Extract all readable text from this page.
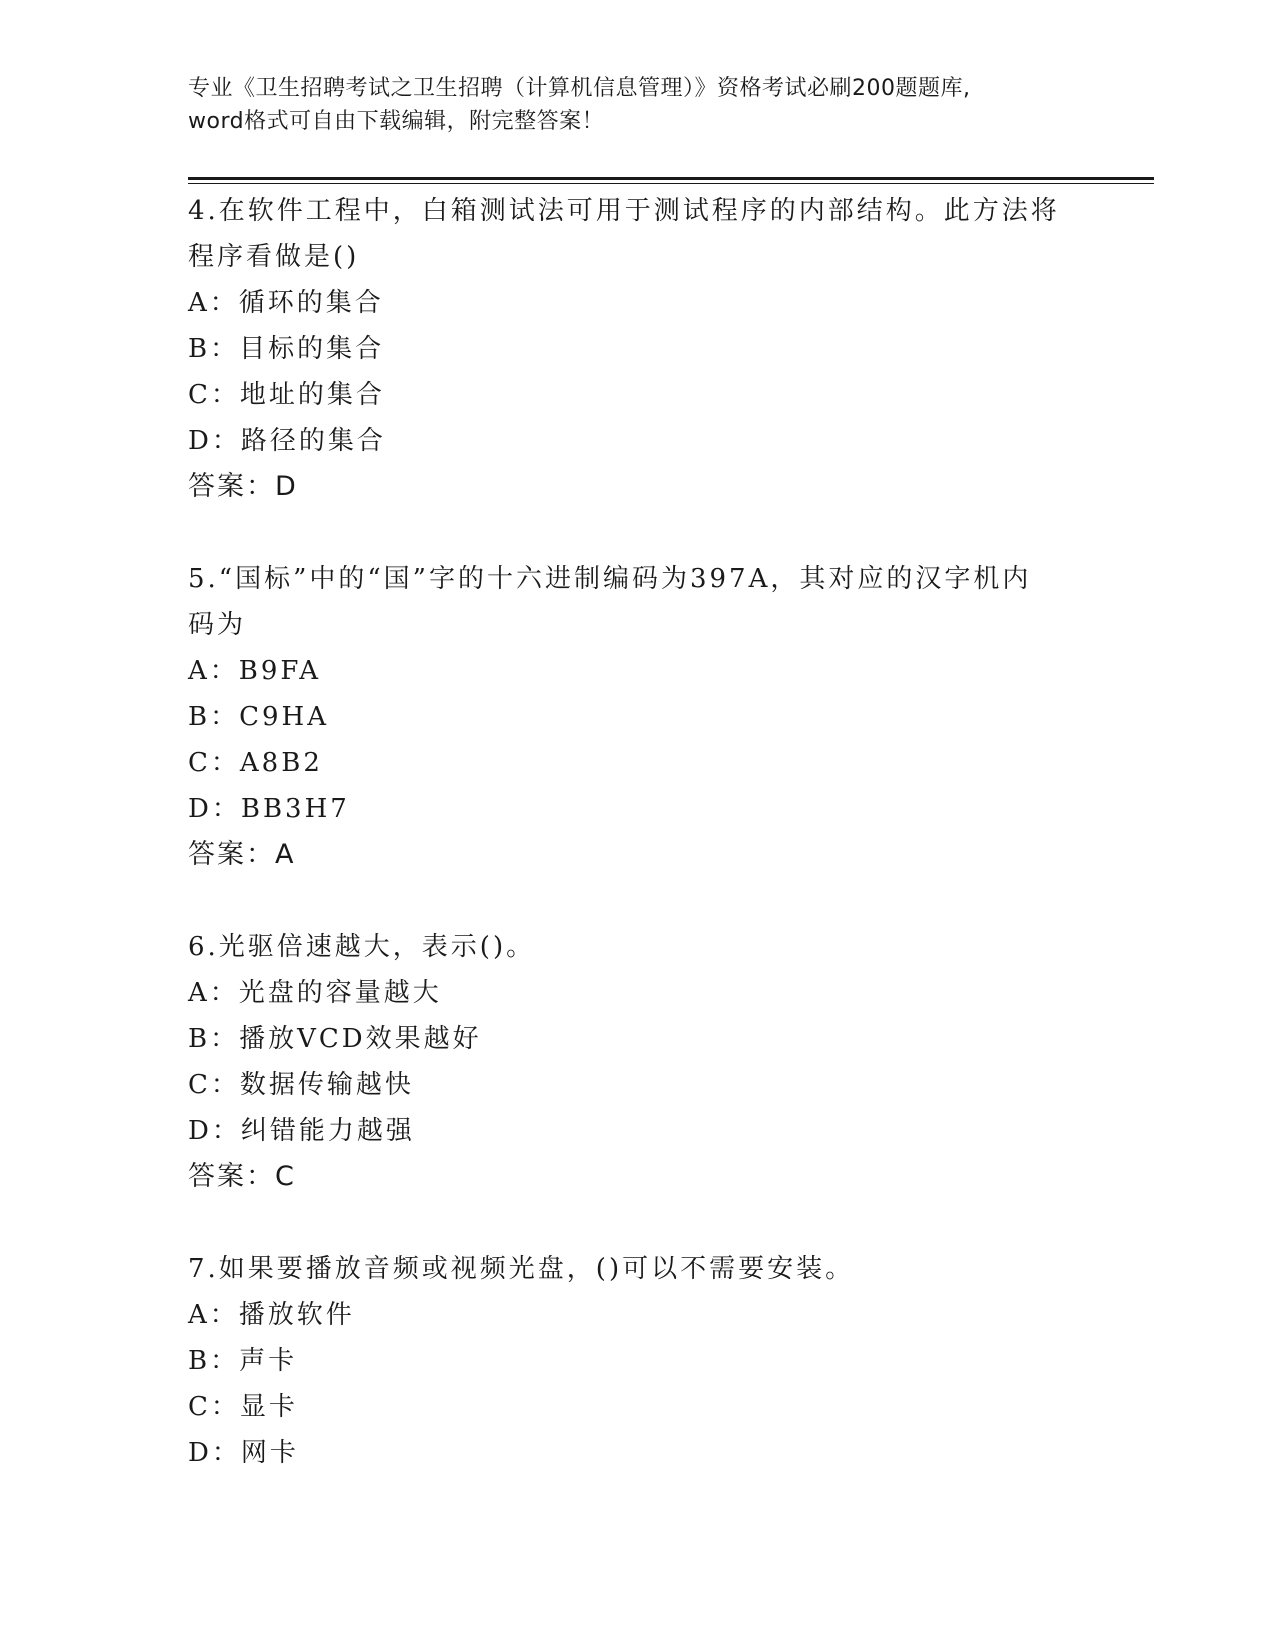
专业《卫生招聘考试之卫生招聘（计算机信息管理）》资格考试必刷200题题库,
word格式可自由下载编辑，附完整答案！
4.在软件工程中，白箱测试法可用于测试程序的内部结构。此方法将
程序看做是()
A：循环的集合
B：目标的集合
C：地址的集合
D：路径的集合
答案：D
5.“国标”中的“国”字的十六进制编码为397A，其对应的汉字机内
码为
A：B9FA
B：C9HA
C：A8B2
D：BB3H7
答案：A
6.光驱倍速越大，表示()。
A：光盘的容量越大
B：播放VCD效果越好
C：数据传输越快
D：纠错能力越强
答案：C
7.如果要播放音频或视频光盘，()可以不需要安装。
A：播放软件
B：声卡
C：显卡
D：网卡
